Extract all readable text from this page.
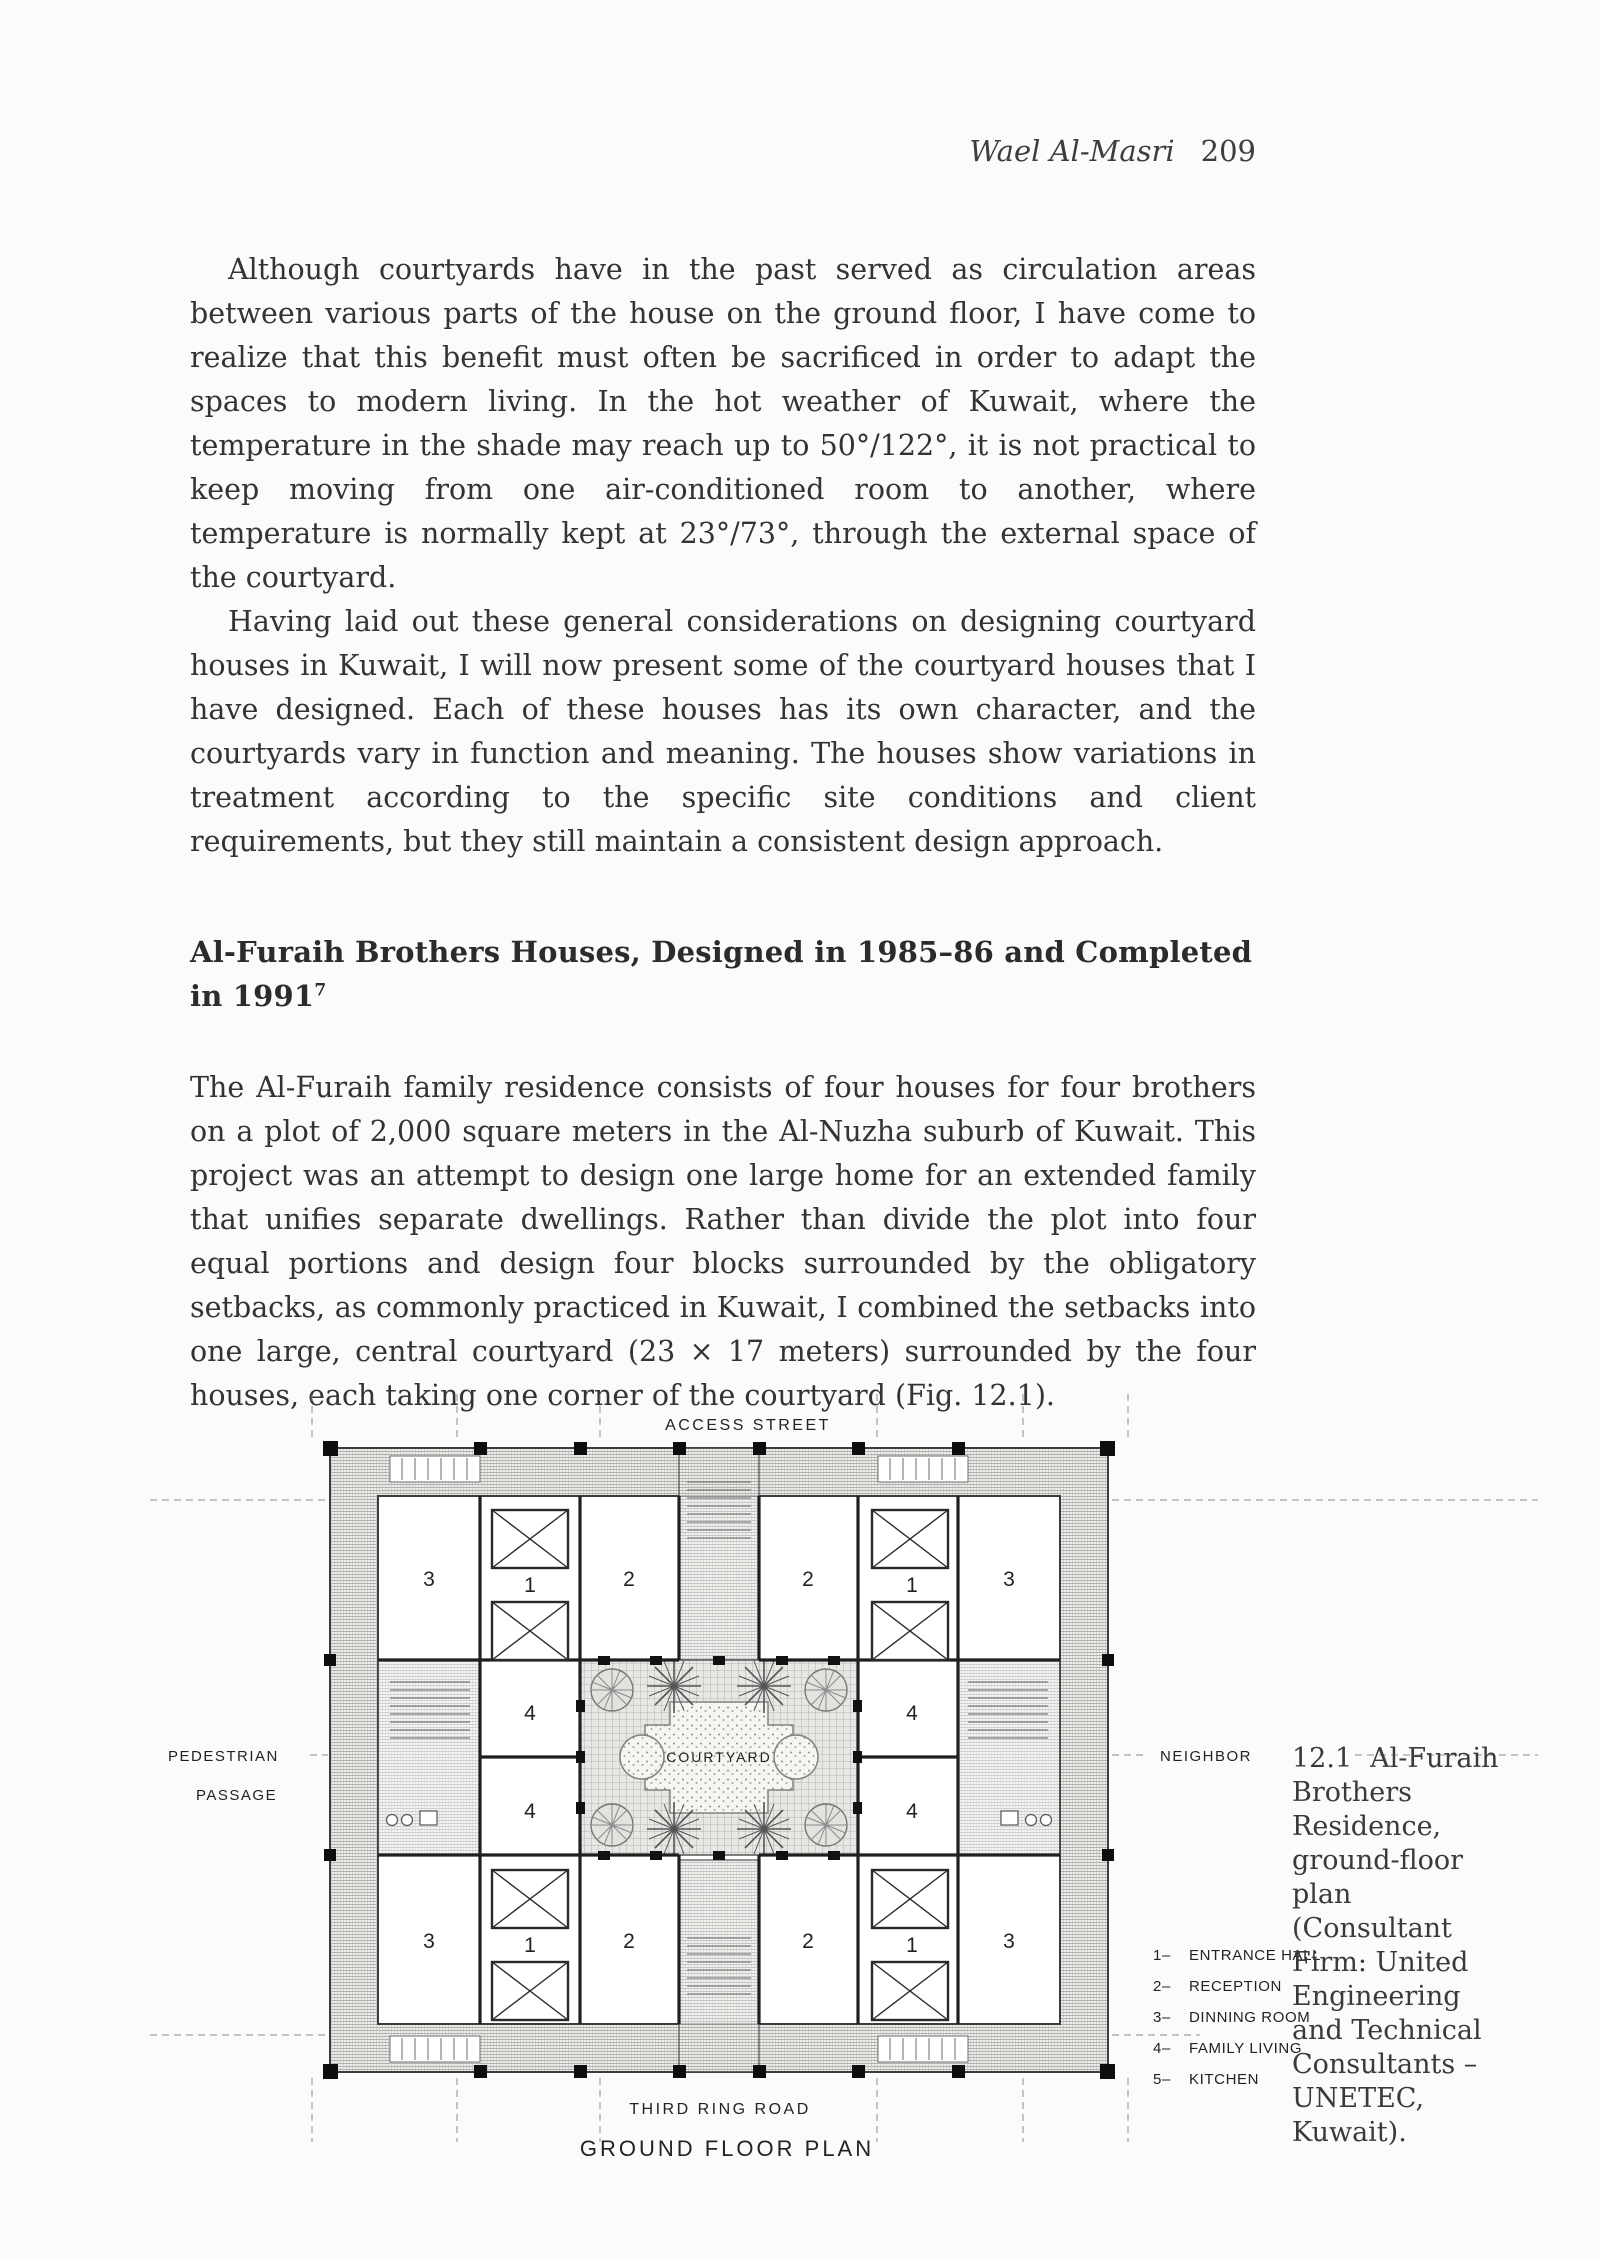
Wael Al-Masri 209

Although courtyards have in the past served as circulation areas between various parts of the house on the ground floor, I have come to realize that this benefit must often be sacrificed in order to adapt the spaces to modern living. In the hot weather of Kuwait, where the temperature in the shade may reach up to 50°/122°, it is not practical to keep moving from one air-conditioned room to another, where temperature is normally kept at 23°/73°, through the external space of the courtyard.

Having laid out these general considerations on designing courtyard houses in Kuwait, I will now present some of the courtyard houses that I have designed. Each of these houses has its own character, and the courtyards vary in function and meaning. The houses show variations in treatment according to the specific site conditions and client requirements, but they still maintain a consistent design approach.

Al-Furaih Brothers Houses, Designed in 1985–86 and Completed in 1991$^7$

The Al-Furaih family residence consists of four houses for four brothers on a plot of 2,000 square meters in the Al-Nuzha suburb of Kuwait. This project was an attempt to design one large home for an extended family that unifies separate dwellings. Rather than divide the plot into four equal portions and design four blocks surrounded by the obligatory setbacks, as commonly practiced in Kuwait, I combined the setbacks into one large, central courtyard (23 × 17 meters) surrounded by the four houses, each taking one corner of the courtyard (Fig. 12.1).

COURTYARD
3	1	2	2	1	3
4	4
4	4
3	1	2	2	1	3
ACCESS STREET
PEDESTRIAN
PASSAGE
NEIGHBOR
THIRD RING ROAD
GROUND FLOOR PLAN
1– ENTRANCE HALL
2– RECEPTION
3– DINNING ROOM
4– FAMILY LIVING
5– KITCHEN
12.1 Al-Furaih Brothers Residence, ground-floor plan (Consultant Firm: United Engineering and Technical Consultants – UNETEC, Kuwait).
